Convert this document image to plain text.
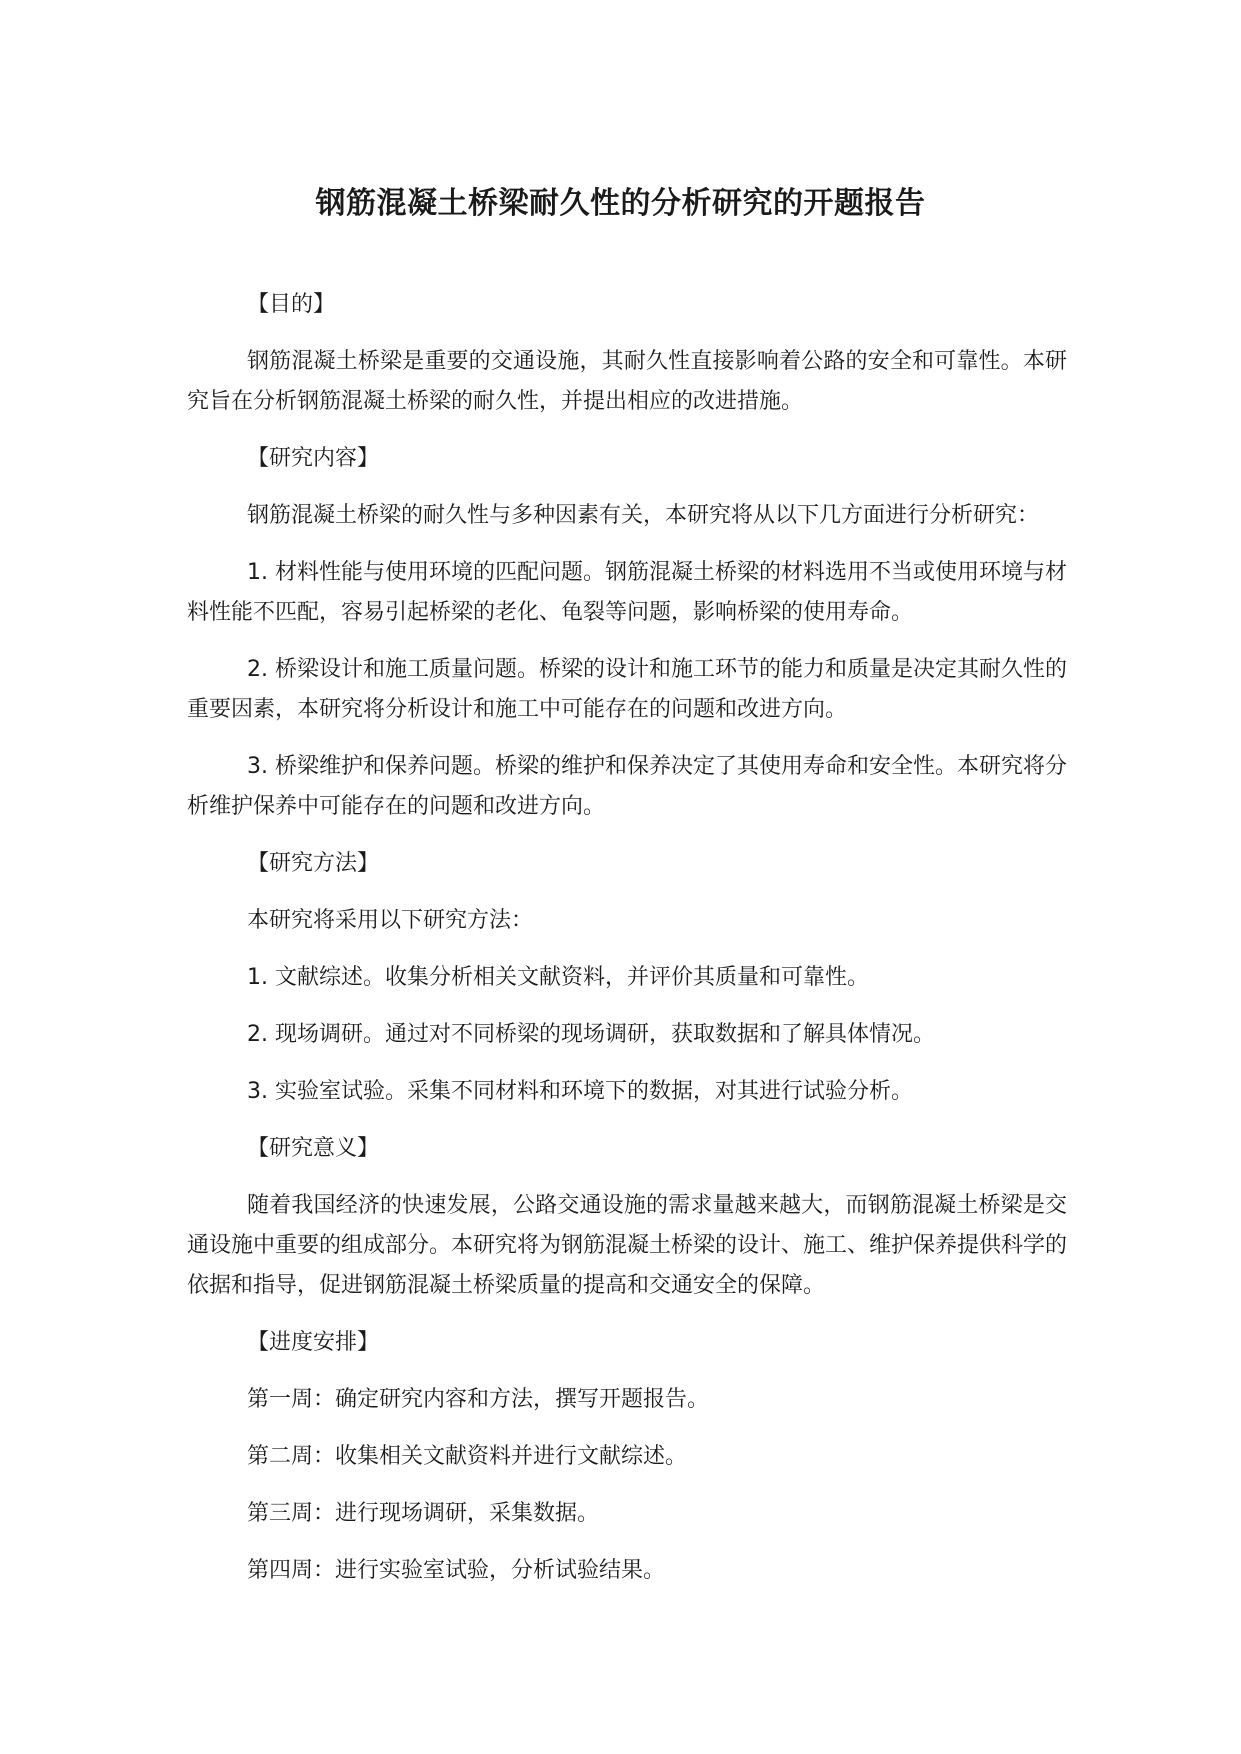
钢筋混凝土桥梁耐久性的分析研究的开题报告

【目的】

钢筋混凝土桥梁是重要的交通设施，其耐久性直接影响着公路的安全和可靠性。本研究旨在分析钢筋混凝土桥梁的耐久性，并提出相应的改进措施。

【研究内容】

钢筋混凝土桥梁的耐久性与多种因素有关，本研究将从以下几方面进行分析研究：

1. 材料性能与使用环境的匹配问题。钢筋混凝土桥梁的材料选用不当或使用环境与材料性能不匹配，容易引起桥梁的老化、龟裂等问题，影响桥梁的使用寿命。

2. 桥梁设计和施工质量问题。桥梁的设计和施工环节的能力和质量是决定其耐久性的重要因素，本研究将分析设计和施工中可能存在的问题和改进方向。

3. 桥梁维护和保养问题。桥梁的维护和保养决定了其使用寿命和安全性。本研究将分析维护保养中可能存在的问题和改进方向。

【研究方法】

本研究将采用以下研究方法：

1. 文献综述。收集分析相关文献资料，并评价其质量和可靠性。

2. 现场调研。通过对不同桥梁的现场调研，获取数据和了解具体情况。

3. 实验室试验。采集不同材料和环境下的数据，对其进行试验分析。

【研究意义】

随着我国经济的快速发展，公路交通设施的需求量越来越大，而钢筋混凝土桥梁是交通设施中重要的组成部分。本研究将为钢筋混凝土桥梁的设计、施工、维护保养提供科学的依据和指导，促进钢筋混凝土桥梁质量的提高和交通安全的保障。

【进度安排】

第一周：确定研究内容和方法，撰写开题报告。

第二周：收集相关文献资料并进行文献综述。

第三周：进行现场调研，采集数据。

第四周：进行实验室试验，分析试验结果。
